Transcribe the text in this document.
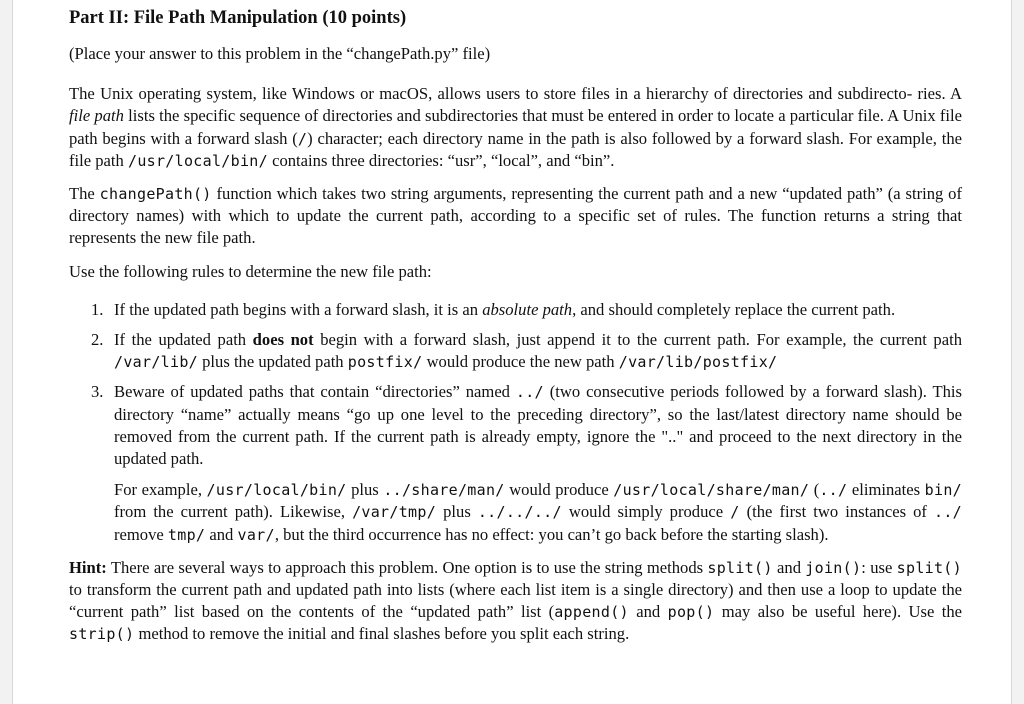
Part II: File Path Manipulation (10 points)

(Place your answer to this problem in the “changePath.py” file)

The Unix operating system, like Windows or macOS, allows users to store files in a hierarchy of directories and subdirecto- ries. A file path lists the specific sequence of directories and subdirectories that must be entered in order to locate a particular file. A Unix file path begins with a forward slash (/) character; each directory name in the path is also followed by a forward slash. For example, the file path /usr/local/bin/ contains three directories: “usr”, “local”, and “bin”.

The changePath() function which takes two string arguments, representing the current path and a new “updated path” (a string of directory names) with which to update the current path, according to a specific set of rules. The function returns a string that represents the new file path.

Use the following rules to determine the new file path:

1. If the updated path begins with a forward slash, it is an absolute path, and should completely replace the current path.
2. If the updated path does not begin with a forward slash, just append it to the current path. For example, the current path /var/lib/ plus the updated path postfix/ would produce the new path /var/lib/postfix/
3. Beware of updated paths that contain “directories” named ../ (two consecutive periods followed by a forward slash). This directory “name” actually means “go up one level to the preceding directory”, so the last/latest directory name should be removed from the current path. If the current path is already empty, ignore the ".." and proceed to the next directory in the updated path.

For example, /usr/local/bin/ plus ../share/man/ would produce /usr/local/share/man/ (../ eliminates bin/ from the current path). Likewise, /var/tmp/ plus ../../../ would simply produce / (the first two instances of ../ remove tmp/ and var/, but the third occurrence has no effect: you can’t go back before the starting slash).

Hint: There are several ways to approach this problem. One option is to use the string methods split() and join(): use split() to transform the current path and updated path into lists (where each list item is a single directory) and then use a loop to update the “current path” list based on the contents of the “updated path” list (append() and pop() may also be useful here). Use the strip() method to remove the initial and final slashes before you split each string.
